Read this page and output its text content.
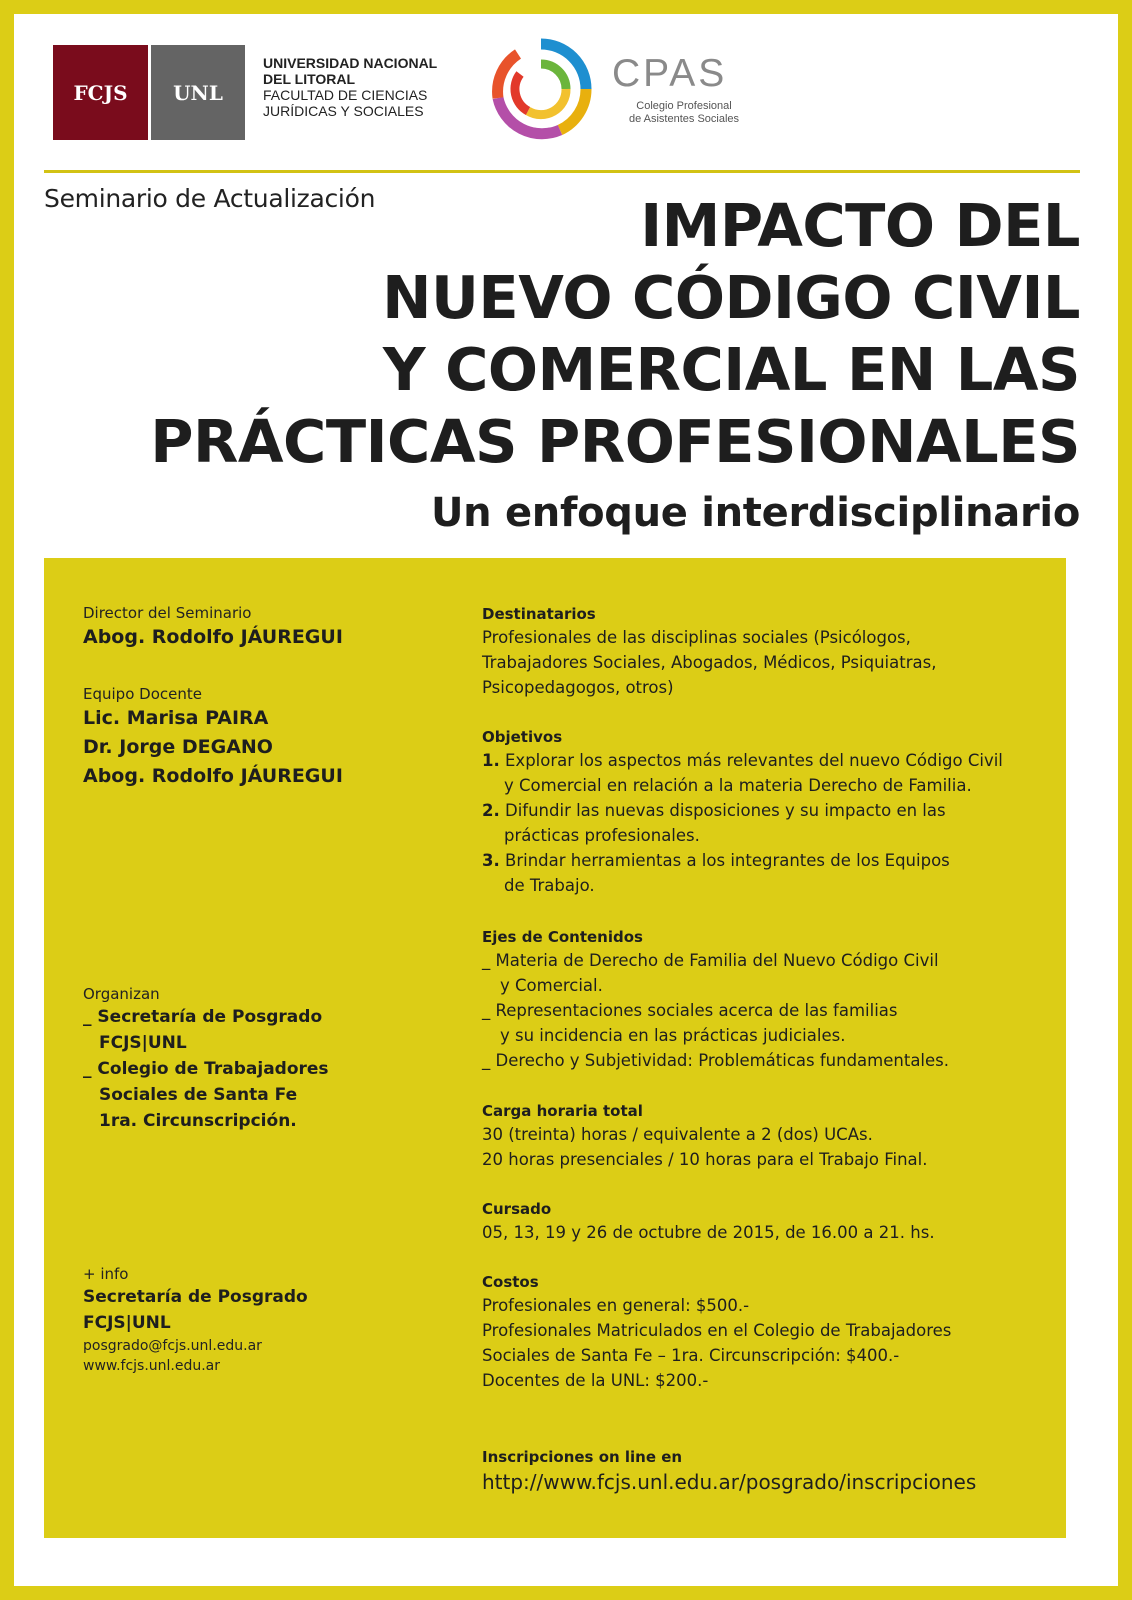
FCJS UNL
UNIVERSIDAD NACIONAL
DEL LITORAL
FACULTAD DE CIENCIAS
JURÍDICAS Y SOCIALES
CPAS
Colegio Profesional
de Asistentes Sociales
Seminario de Actualización	IMPACTO DEL
NUEVO CÓDIGO CIVIL
Y COMERCIAL EN LAS
PRÁCTICAS PROFESIONALES
Un enfoque interdisciplinario
Director del Seminario
Abog. Rodolfo JÁUREGUI
Equipo Docente
Lic. Marisa PAIRA
Dr. Jorge DEGANO
Abog. Rodolfo JÁUREGUI
Organizan
_ Secretaría de Posgrado
FCJS|UNL
_ Colegio de Trabajadores
Sociales de Santa Fe
1ra. Circunscripción.
+ info
Secretaría de Posgrado
FCJS|UNL
posgrado@fcjs.unl.edu.ar
www.fcjs.unl.edu.ar
Destinatarios
Profesionales de las disciplinas sociales (Psicólogos,
Trabajadores Sociales, Abogados, Médicos, Psiquiatras,
Psicopedagogos, otros)
Objetivos
1. Explorar los aspectos más relevantes del nuevo Código Civil
y Comercial en relación a la materia Derecho de Familia.
2. Difundir las nuevas disposiciones y su impacto en las
prácticas profesionales.
3. Brindar herramientas a los integrantes de los Equipos
de Trabajo.
Ejes de Contenidos
_ Materia de Derecho de Familia del Nuevo Código Civil
y Comercial.
_ Representaciones sociales acerca de las familias
y su incidencia en las prácticas judiciales.
_ Derecho y Subjetividad: Problemáticas fundamentales.
Carga horaria total
30 (treinta) horas / equivalente a 2 (dos) UCAs.
20 horas presenciales / 10 horas para el Trabajo Final.
Cursado
05, 13, 19 y 26 de octubre de 2015, de 16.00 a 21. hs.
Costos
Profesionales en general: $500.-
Profesionales Matriculados en el Colegio de Trabajadores
Sociales de Santa Fe – 1ra. Circunscripción: $400.-
Docentes de la UNL: $200.-
Inscripciones on line en
http://www.fcjs.unl.edu.ar/posgrado/inscripciones
